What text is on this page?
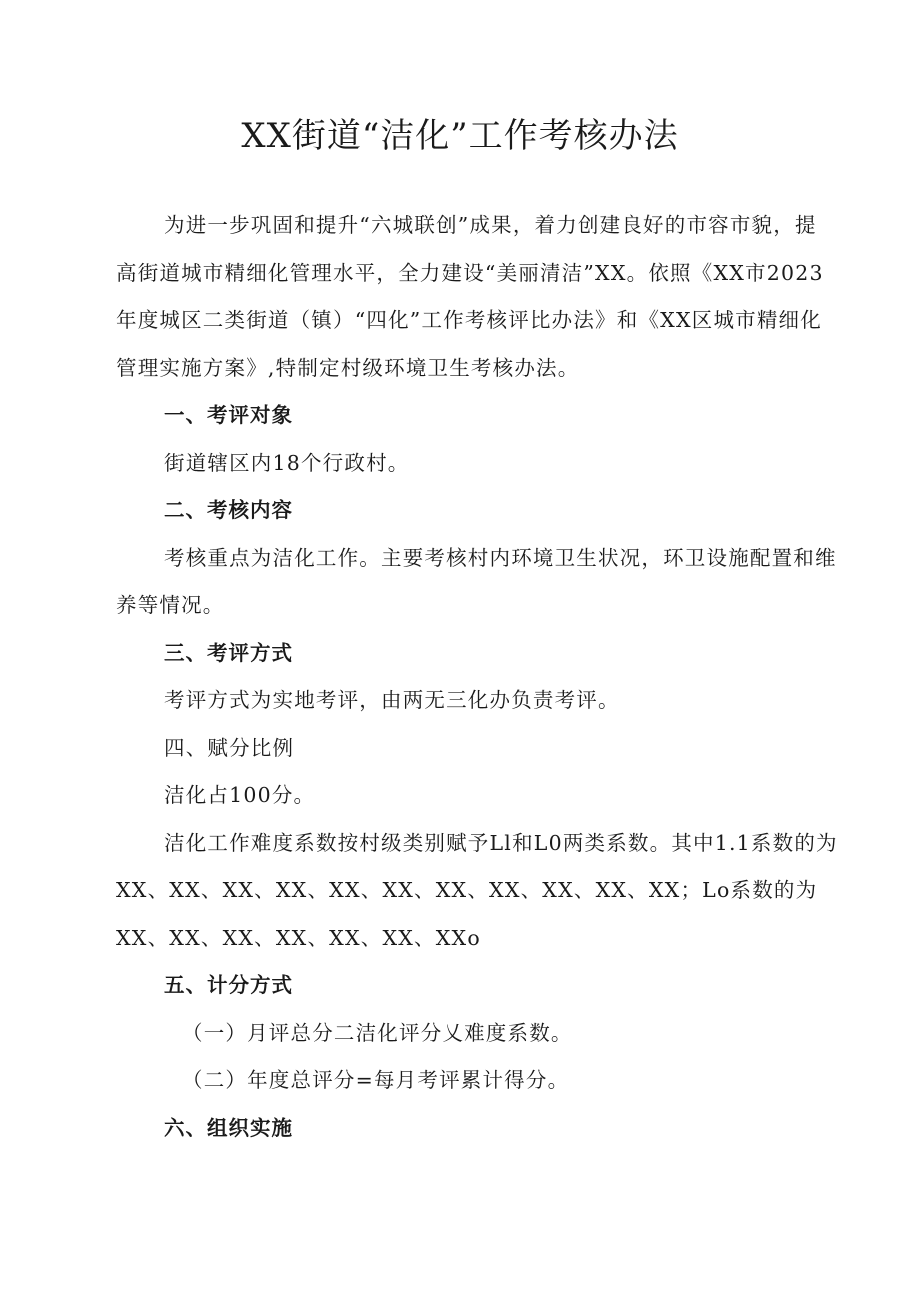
XX街道“洁化”工作考核办法

为进一步巩固和提升“六城联创”成果，着力创建良好的市容市貌，提高街道城市精细化管理水平，全力建设“美丽清洁”XX。依照《XX市2023年度城区二类街道（镇）“四化”工作考核评比办法》和《XX区城市精细化管理实施方案》,特制定村级环境卫生考核办法。

一、考评对象

街道辖区内18个行政村。

二、考核内容

考核重点为洁化工作。主要考核村内环境卫生状况，环卫设施配置和维养等情况。

三、考评方式

考评方式为实地考评，由两无三化办负责考评。

四、赋分比例

洁化占100分。

洁化工作难度系数按村级类别赋予Ll和L0两类系数。其中1.1系数的为XX、XX、XX、XX、XX、XX、XX、XX、XX、XX、XX；Lo系数的为XX、XX、XX、XX、XX、XX、XXo

五、计分方式

（一）月评总分二洁化评分乂难度系数。

（二）年度总评分=每月考评累计得分。

六、组织实施
